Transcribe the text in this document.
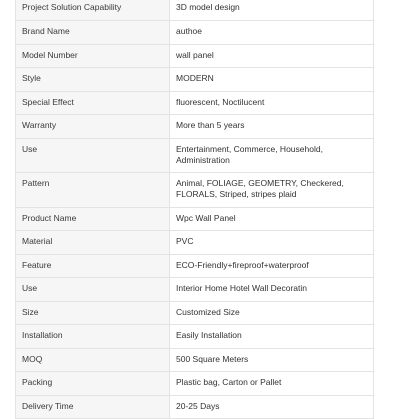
Project Solution Capability	3D model design
Brand Name	authoe
Model Number	wall panel
Style	MODERN
Special Effect	fluorescent, Noctilucent
Warranty	More than 5 years
Use	Entertainment, Commerce, Household, Administration
Pattern	Animal, FOLIAGE, GEOMETRY, Checkered, FLORALS, Striped, stripes plaid
Product Name	Wpc Wall Panel
Material	PVC
Feature	ECO-Friendly+fireproof+waterproof
Use	Interior Home Hotel Wall Decoratin
Size	Customized Size
Installation	Easily Installation
MOQ	500 Square Meters
Packing	Plastic bag, Carton or Pallet
Delivery Time	20-25 Days
